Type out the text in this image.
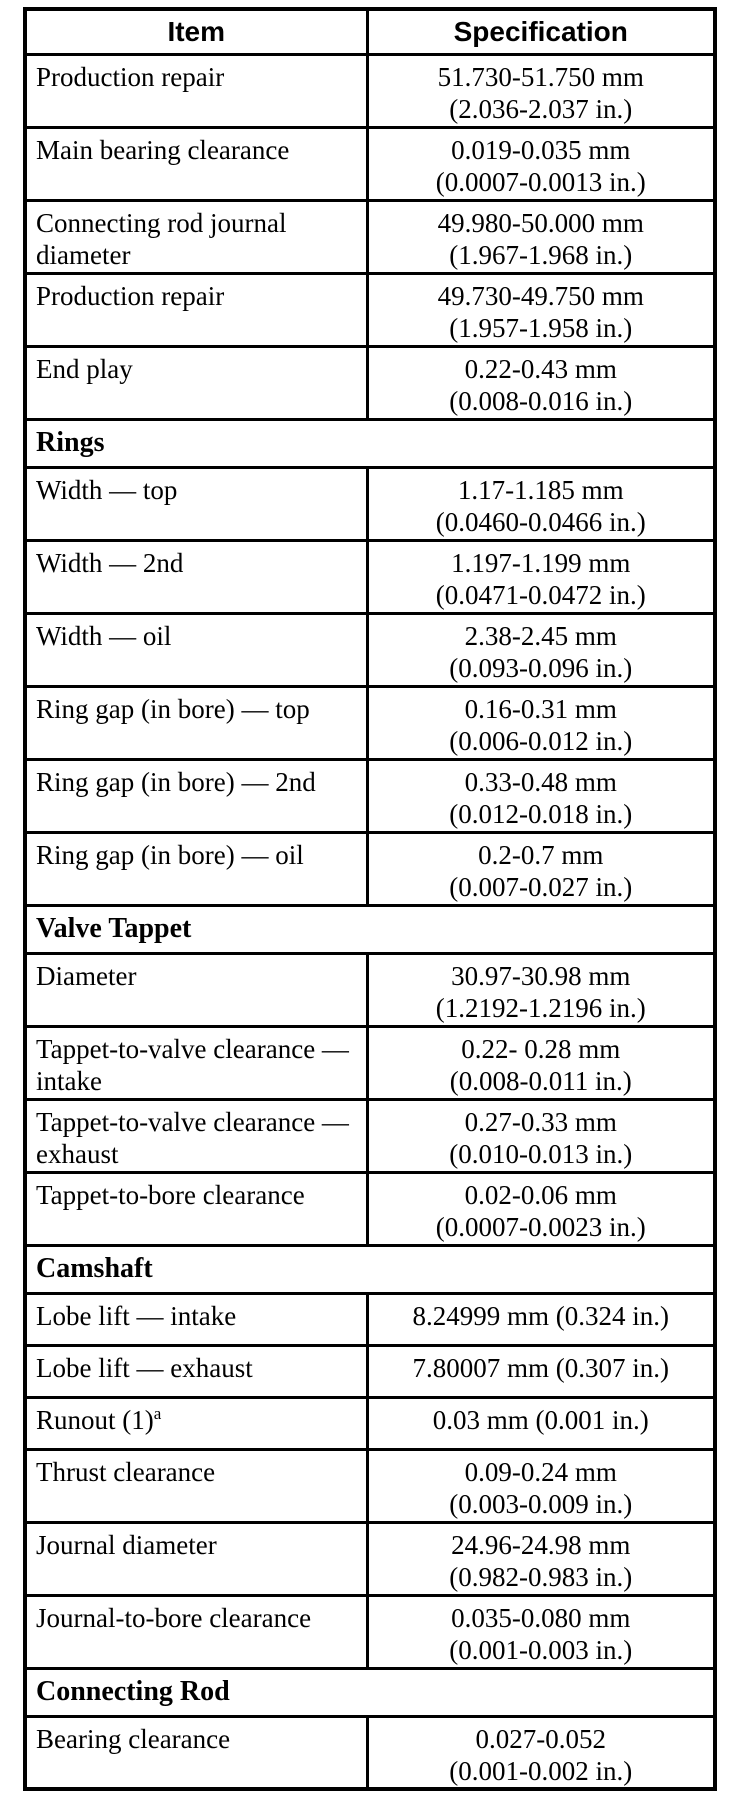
Item	Specification
Production repair	51.730-51.750 mm
(2.036-2.037 in.)

Main bearing clearance	0.019-0.035 mm
(0.0007-0.0013 in.)

Connecting rod journal diameter	49.980-50.000 mm
(1.967-1.968 in.)

Production repair	49.730-49.750 mm
(1.957-1.958 in.)

End play	0.22-0.43 mm
(0.008-0.016 in.)

Rings	
Width — top	1.17-1.185 mm
(0.0460-0.0466 in.)

Width — 2nd	1.197-1.199 mm
(0.0471-0.0472 in.)

Width — oil	2.38-2.45 mm
(0.093-0.096 in.)

Ring gap (in bore) — top	0.16-0.31 mm
(0.006-0.012 in.)

Ring gap (in bore) — 2nd	0.33-0.48 mm
(0.012-0.018 in.)

Ring gap (in bore) — oil	0.2-0.7 mm
(0.007-0.027 in.)

Valve Tappet	
Diameter	30.97-30.98 mm
(1.2192-1.2196 in.)

Tappet-to-valve clearance — intake	0.22- 0.28 mm
(0.008-0.011 in.)

Tappet-to-valve clearance — exhaust	0.27-0.33 mm
(0.010-0.013 in.)

Tappet-to-bore clearance	0.02-0.06 mm
(0.0007-0.0023 in.)

Camshaft	
Lobe lift — intake	8.24999 mm (0.324 in.)

Lobe lift — exhaust	7.80007 mm (0.307 in.)

Runout $(1)^a$	0.03 mm (0.001 in.)

Thrust clearance	0.09-0.24 mm
(0.003-0.009 in.)

Journal diameter	24.96-24.98 mm
(0.982-0.983 in.)

Journal-to-bore clearance	0.035-0.080 mm
(0.001-0.003 in.)

Connecting Rod	
Bearing clearance	0.027-0.052
(0.001-0.002 in.)
